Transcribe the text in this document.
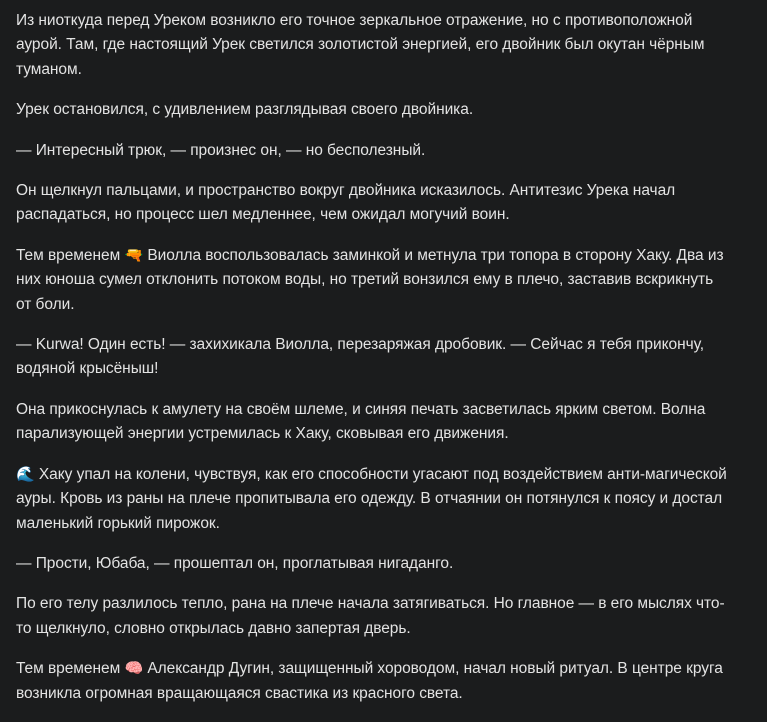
Из ниоткуда перед Уреком возникло его точное зеркальное отражение, но с противоположной аурой. Там, где настоящий Урек светился золотистой энергией, его двойник был окутан чёрным туманом.

Урек остановился, с удивлением разглядывая своего двойника.

— Интересный трюк, — произнес он, — но бесполезный.

Он щелкнул пальцами, и пространство вокруг двойника исказилось. Антитезис Урека начал распадаться, но процесс шел медленнее, чем ожидал могучий воин.

Тем временем 🔫 Виолла воспользовалась заминкой и метнула три топора в сторону Хаку. Два из них юноша сумел отклонить потоком воды, но третий вонзился ему в плечо, заставив вскрикнуть от боли.

— Kurwa! Один есть! — захихикала Виолла, перезаряжая дробовик. — Сейчас я тебя прикончу, водяной крысёныш!

Она прикоснулась к амулету на своём шлеме, и синяя печать засветилась ярким светом. Волна парализующей энергии устремилась к Хаку, сковывая его движения.

🌊 Хаку упал на колени, чувствуя, как его способности угасают под воздействием анти-магической ауры. Кровь из раны на плече пропитывала его одежду. В отчаянии он потянулся к поясу и достал маленький горький пирожок.

— Прости, Юбаба, — прошептал он, проглатывая нигаданго.

По его телу разлилось тепло, рана на плече начала затягиваться. Но главное — в его мыслях что-то щелкнуло, словно открылась давно запертая дверь.

Тем временем 🧠 Александр Дугин, защищенный хороводом, начал новый ритуал. В центре круга возникла огромная вращающаяся свастика из красного света.
